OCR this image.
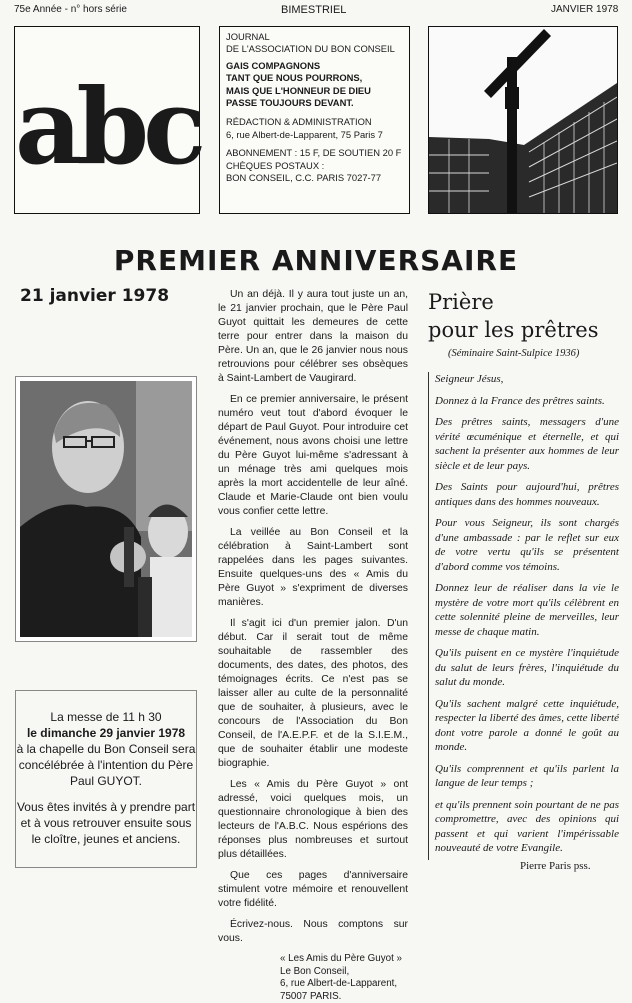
75e Année - n° hors série	BIMESTRIEL	JANVIER 1978
abc
JOURNAL
DE L'ASSOCIATION DU BON CONSEIL
GAIS COMPAGNONS
TANT QUE NOUS POURRONS,
MAIS QUE L'HONNEUR DE DIEU
PASSE TOUJOURS DEVANT.
RÉDACTION & ADMINISTRATION
6, rue Albert-de-Lapparent, 75 Paris 7
ABONNEMENT : 15 F, DE SOUTIEN 20 F
CHÈQUES POSTAUX :
BON CONSEIL, C.C. PARIS 7027-77
PREMIER ANNIVERSAIRE
21 janvier 1978

La messe de 11 h 30

le dimanche 29 janvier 1978

à la chapelle du Bon Conseil sera concélébrée à l'intention du Père Paul GUYOT.

Vous êtes invités à y prendre part et à vous retrouver ensuite sous le cloître, jeunes et anciens.

Un an déjà. Il y aura tout juste un an, le 21 janvier prochain, que le Père Paul Guyot quittait les demeures de cette terre pour entrer dans la maison du Père. Un an, que le 26 janvier nous nous retrouvions pour célébrer ses obsèques à Saint-Lambert de Vaugirard.

En ce premier anniversaire, le présent numéro veut tout d'abord évoquer le départ de Paul Guyot. Pour introduire cet événement, nous avons choisi une lettre du Père Guyot lui-même s'adressant à un ménage très ami quelques mois après la mort accidentelle de leur aîné. Claude et Marie-Claude ont bien voulu vous confier cette lettre.

La veillée au Bon Conseil et la célébration à Saint-Lambert sont rappelées dans les pages suivantes. Ensuite quelques-uns des « Amis du Père Guyot » s'expriment de diverses manières.

Il s'agit ici d'un premier jalon. D'un début. Car il serait tout de même souhaitable de rassembler des documents, des dates, des photos, des témoignages écrits. Ce n'est pas se laisser aller au culte de la personnalité que de souhaiter, à plusieurs, avec le concours de l'Association du Bon Conseil, de l'A.E.P.F. et de la S.I.E.M., que de souhaiter établir une modeste biographie.

Les « Amis du Père Guyot » ont adressé, voici quelques mois, un questionnaire chronologique à bien des lecteurs de l'A.B.C. Nous espérions des réponses plus nombreuses et surtout plus détaillées.

Que ces pages d'anniversaire stimulent votre mémoire et renouvellent votre fidélité.

Écrivez-nous. Nous comptons sur vous.

« Les Amis du Père Guyot »
Le Bon Conseil,
6, rue Albert-de-Lapparent,
75007 PARIS.
Prière
pour les prêtres
(Séminaire Saint-Sulpice 1936)

Seigneur Jésus,

Donnez à la France des prêtres saints.

Des prêtres saints, messagers d'une vérité œcuménique et éternelle, et qui sachent la présenter aux hommes de leur siècle et de leur pays.

Des Saints pour aujourd'hui, prêtres antiques dans des hommes nouveaux.

Pour vous Seigneur, ils sont chargés d'une ambassade : par le reflet sur eux de votre vertu qu'ils se présentent d'abord comme vos témoins.

Donnez leur de réaliser dans la vie le mystère de votre mort qu'ils célèbrent en cette solennité pleine de merveilles, leur messe de chaque matin.

Qu'ils puisent en ce mystère l'inquiétude du salut de leurs frères, l'inquiétude du salut du monde.

Qu'ils sachent malgré cette inquiétude, respecter la liberté des âmes, cette liberté dont votre parole a donné le goût au monde.

Qu'ils comprennent et qu'ils parlent la langue de leur temps ;

et qu'ils prennent soin pourtant de ne pas compromettre, avec des opinions qui passent et qui varient l'impérissable nouveauté de votre Evangile.

Pierre Paris pss.
